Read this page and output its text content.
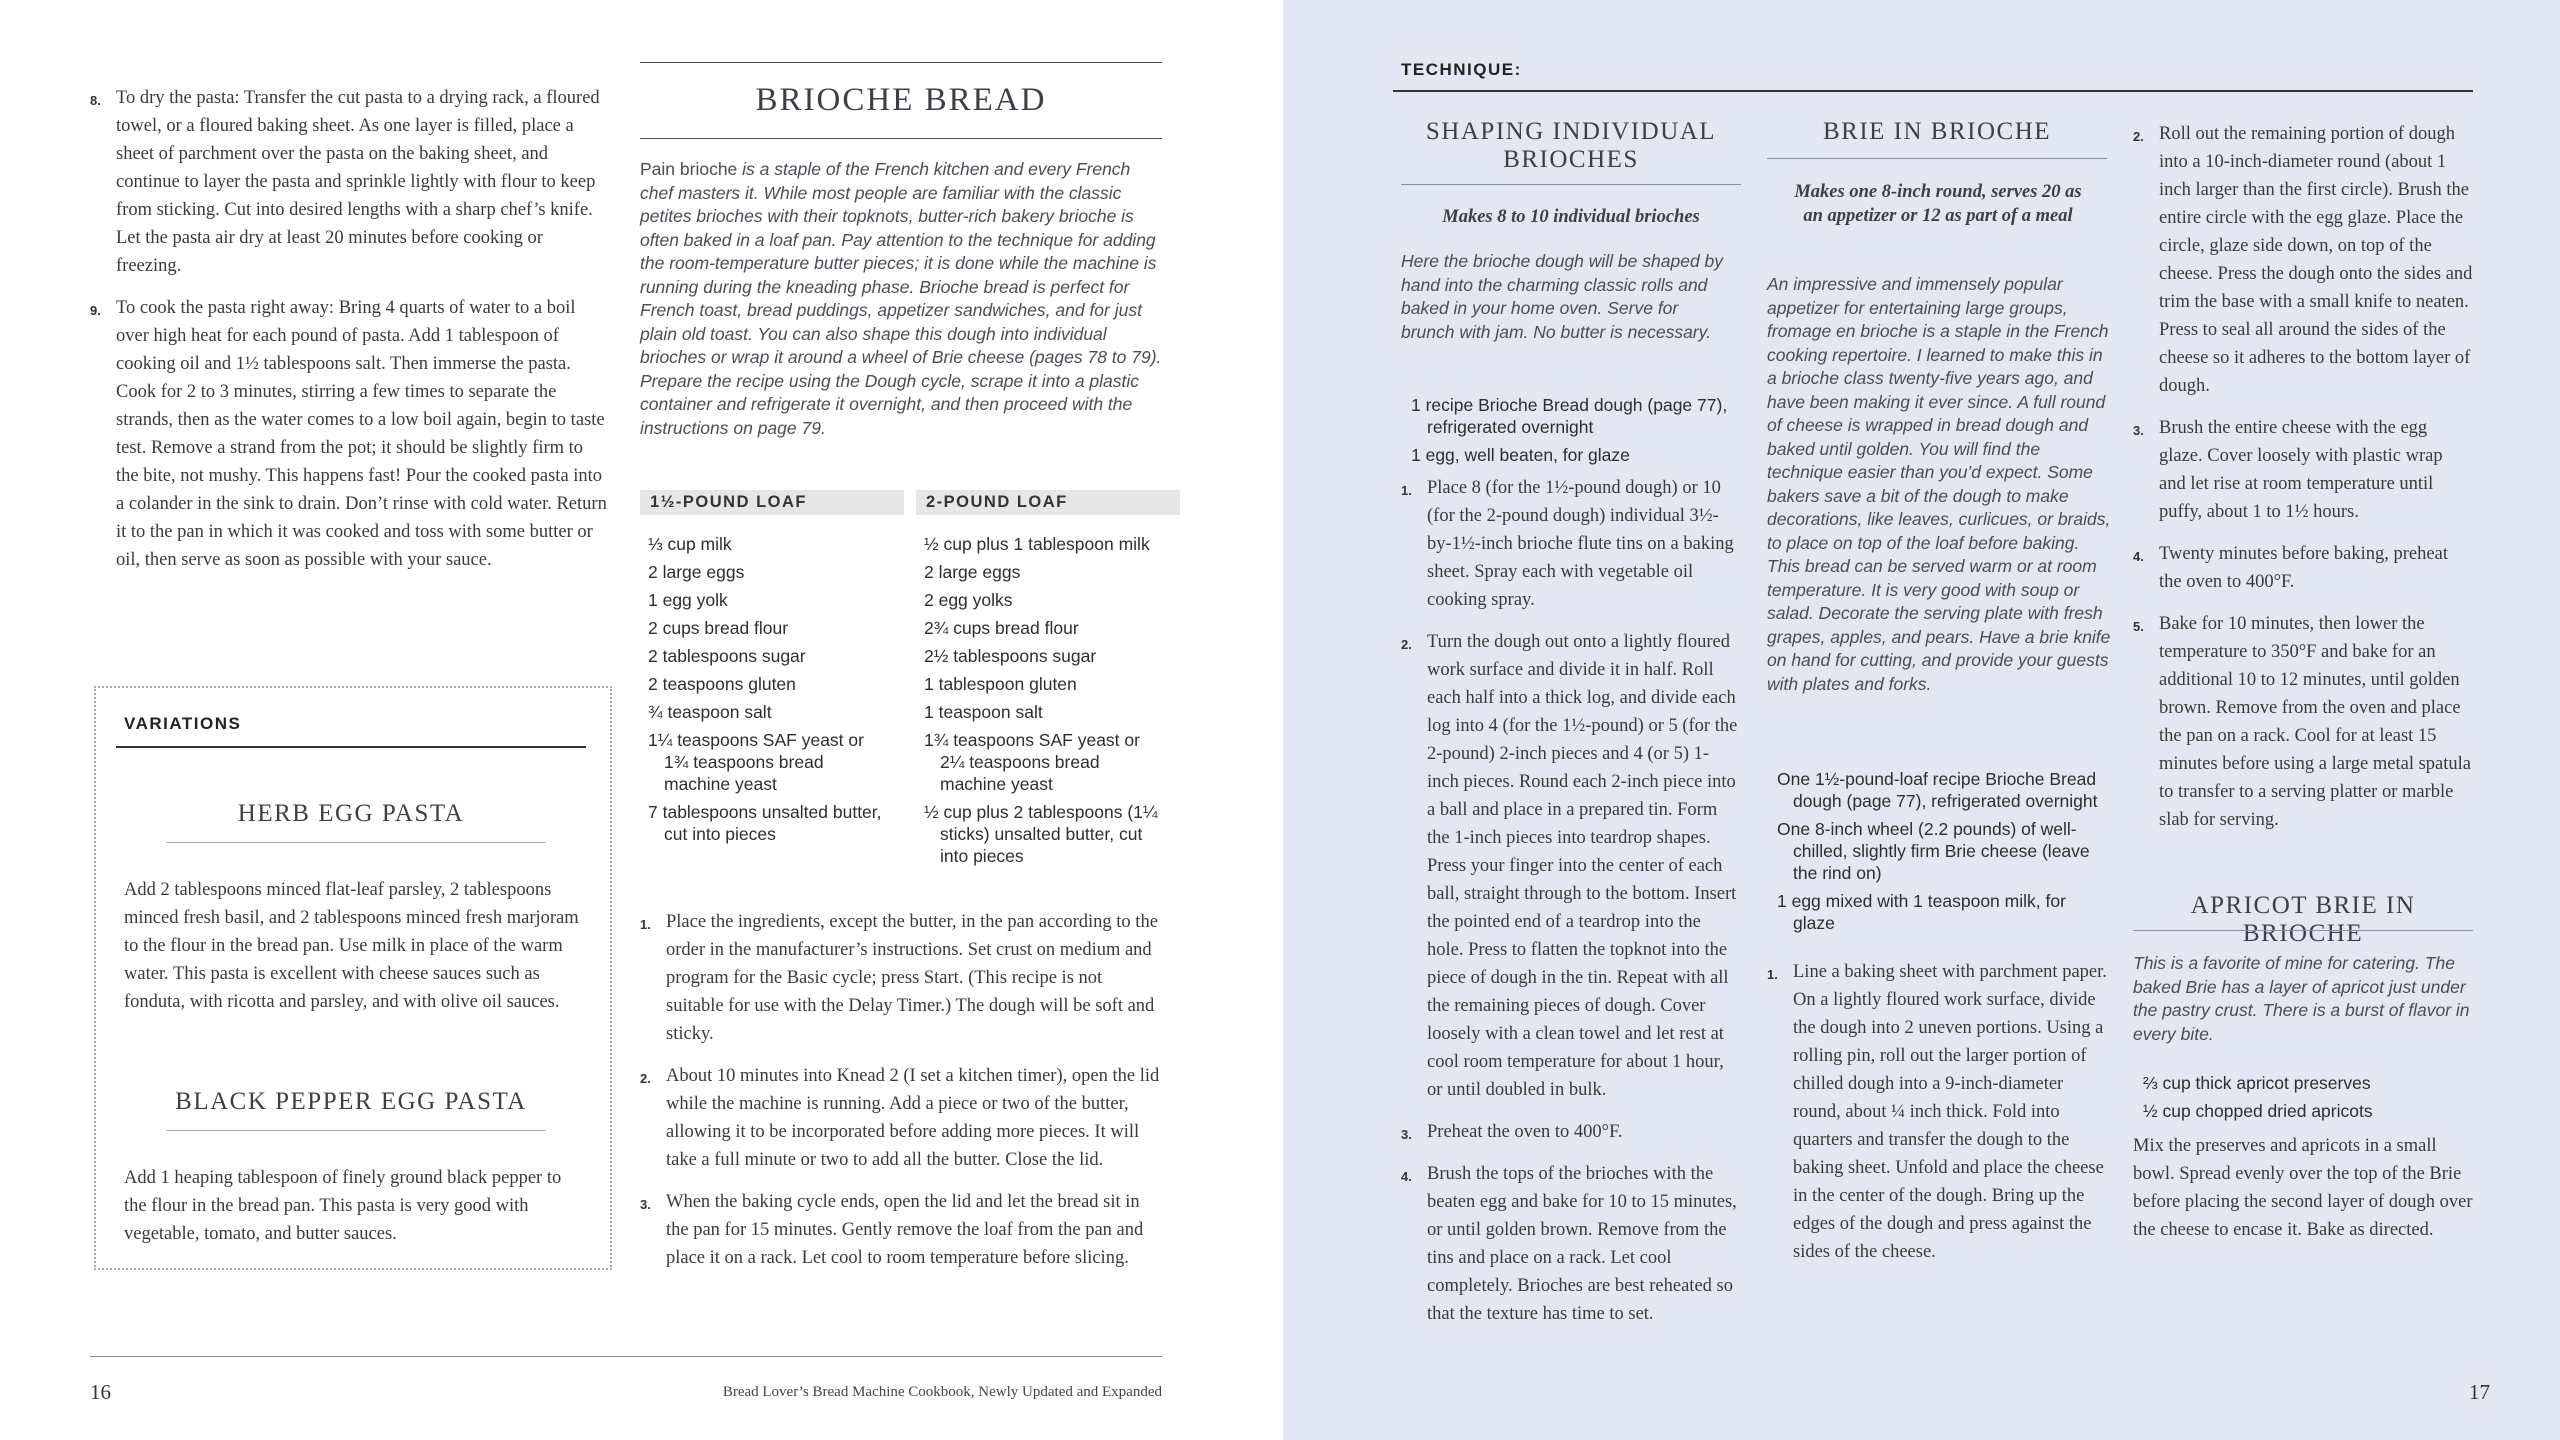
8. To dry the pasta: Transfer the cut pasta to a drying rack, a floured towel, or a floured baking sheet. As one layer is filled, place a sheet of parchment over the pasta on the baking sheet, and continue to layer the pasta and sprinkle lightly with flour to keep from sticking. Cut into desired lengths with a sharp chef’s knife. Let the pasta air dry at least 20 minutes before cooking or freezing.
9. To cook the pasta right away: Bring 4 quarts of water to a boil over high heat for each pound of pasta. Add 1 tablespoon of cooking oil and 1½ tablespoons salt. Then immerse the pasta. Cook for 2 to 3 minutes, stirring a few times to separate the strands, then as the water comes to a low boil again, begin to taste test. Remove a strand from the pot; it should be slightly firm to the bite, not mushy. This happens fast! Pour the cooked pasta into a colander in the sink to drain. Don’t rinse with cold water. Return it to the pan in which it was cooked and toss with some butter or oil, then serve as soon as possible with your sauce.
VARIATIONS
HERB EGG PASTA
Add 2 tablespoons minced flat-leaf parsley, 2 tablespoons minced fresh basil, and 2 tablespoons minced fresh marjoram to the flour in the bread pan. Use milk in place of the warm water. This pasta is excellent with cheese sauces such as fonduta, with ricotta and parsley, and with olive oil sauces.
BLACK PEPPER EGG PASTA
Add 1 heaping tablespoon of finely ground black pepper to the flour in the bread pan. This pasta is very good with vegetable, tomato, and butter sauces.
BRIOCHE BREAD
Pain brioche is a staple of the French kitchen and every French chef masters it. While most people are familiar with the classic petites brioches with their topknots, butter-rich bakery brioche is often baked in a loaf pan. Pay attention to the technique for adding the room-temperature butter pieces; it is done while the machine is running during the kneading phase. Brioche bread is perfect for French toast, bread puddings, appetizer sandwiches, and for just plain old toast. You can also shape this dough into individual brioches or wrap it around a wheel of Brie cheese (pages 78 to 79). Prepare the recipe using the Dough cycle, scrape it into a plastic container and refrigerate it overnight, and then proceed with the instructions on page 79.
1½-POUND LOAF	2-POUND LOAF
⅓ cup milk
2 large eggs
1 egg yolk
2 cups bread flour
2 tablespoons sugar
2 teaspoons gluten
¾ teaspoon salt
1¼ teaspoons SAF yeast or 1¾ teaspoons bread machine yeast
7 tablespoons unsalted butter, cut into pieces
½ cup plus 1 tablespoon milk
2 large eggs
2 egg yolks
2¾ cups bread flour
2½ tablespoons sugar
1 tablespoon gluten
1 teaspoon salt
1¾ teaspoons SAF yeast or 2¼ teaspoons bread machine yeast
½ cup plus 2 tablespoons (1¼ sticks) unsalted butter, cut into pieces
1. Place the ingredients, except the butter, in the pan according to the order in the manufacturer’s instructions. Set crust on medium and program for the Basic cycle; press Start. (This recipe is not suitable for use with the Delay Timer.) The dough will be soft and sticky.
2. About 10 minutes into Knead 2 (I set a kitchen timer), open the lid while the machine is running. Add a piece or two of the butter, allowing it to be incorporated before adding more pieces. It will take a full minute or two to add all the butter. Close the lid.
3. When the baking cycle ends, open the lid and let the bread sit in the pan for 15 minutes. Gently remove the loaf from the pan and place it on a rack. Let cool to room temperature before slicing.
16	Bread Lover’s Bread Machine Cookbook, Newly Updated and Expanded
TECHNIQUE:
SHAPING INDIVIDUAL BRIOCHES
Makes 8 to 10 individual brioches
Here the brioche dough will be shaped by hand into the charming classic rolls and baked in your home oven. Serve for brunch with jam. No butter is necessary.
1 recipe Brioche Bread dough (page 77), refrigerated overnight
1 egg, well beaten, for glaze
1. Place 8 (for the 1½-pound dough) or 10 (for the 2-pound dough) individual 3½-by-1½-inch brioche flute tins on a baking sheet. Spray each with vegetable oil cooking spray.
2. Turn the dough out onto a lightly floured work surface and divide it in half. Roll each half into a thick log, and divide each log into 4 (for the 1½-pound) or 5 (for the 2-pound) 2-inch pieces and 4 (or 5) 1-inch pieces. Round each 2-inch piece into a ball and place in a prepared tin. Form the 1-inch pieces into teardrop shapes. Press your finger into the center of each ball, straight through to the bottom. Insert the pointed end of a teardrop into the hole. Press to flatten the topknot into the piece of dough in the tin. Repeat with all the remaining pieces of dough. Cover loosely with a clean towel and let rest at cool room temperature for about 1 hour, or until doubled in bulk.
3. Preheat the oven to 400°F.
4. Brush the tops of the brioches with the beaten egg and bake for 10 to 15 minutes, or until golden brown. Remove from the tins and place on a rack. Let cool completely. Brioches are best reheated so that the texture has time to set.
BRIE IN BRIOCHE
Makes one 8-inch round, serves 20 as an appetizer or 12 as part of a meal
An impressive and immensely popular appetizer for entertaining large groups, fromage en brioche is a staple in the French cooking repertoire. I learned to make this in a brioche class twenty-five years ago, and have been making it ever since. A full round of cheese is wrapped in bread dough and baked until golden. You will find the technique easier than you’d expect. Some bakers save a bit of the dough to make decorations, like leaves, curlicues, or braids, to place on top of the loaf before baking. This bread can be served warm or at room temperature. It is very good with soup or salad. Decorate the serving plate with fresh grapes, apples, and pears. Have a brie knife on hand for cutting, and provide your guests with plates and forks.
One 1½-pound-loaf recipe Brioche Bread dough (page 77), refrigerated overnight
One 8-inch wheel (2.2 pounds) of well-chilled, slightly firm Brie cheese (leave the rind on)
1 egg mixed with 1 teaspoon milk, for glaze
1. Line a baking sheet with parchment paper. On a lightly floured work surface, divide the dough into 2 uneven portions. Using a rolling pin, roll out the larger portion of chilled dough into a 9-inch-diameter round, about ¼ inch thick. Fold into quarters and transfer the dough to the baking sheet. Unfold and place the cheese in the center of the dough. Bring up the edges of the dough and press against the sides of the cheese.
2. Roll out the remaining portion of dough into a 10-inch-diameter round (about 1 inch larger than the first circle). Brush the entire circle with the egg glaze. Place the circle, glaze side down, on top of the cheese. Press the dough onto the sides and trim the base with a small knife to neaten. Press to seal all around the sides of the cheese so it adheres to the bottom layer of dough.
3. Brush the entire cheese with the egg glaze. Cover loosely with plastic wrap and let rise at room temperature until puffy, about 1 to 1½ hours.
4. Twenty minutes before baking, preheat the oven to 400°F.
5. Bake for 10 minutes, then lower the temperature to 350°F and bake for an additional 10 to 12 minutes, until golden brown. Remove from the oven and place the pan on a rack. Cool for at least 15 minutes before using a large metal spatula to transfer to a serving platter or marble slab for serving.
APRICOT BRIE IN BRIOCHE
This is a favorite of mine for catering. The baked Brie has a layer of apricot just under the pastry crust. There is a burst of flavor in every bite.
⅔ cup thick apricot preserves
½ cup chopped dried apricots
Mix the preserves and apricots in a small bowl. Spread evenly over the top of the Brie before placing the second layer of dough over the cheese to encase it. Bake as directed.
17
